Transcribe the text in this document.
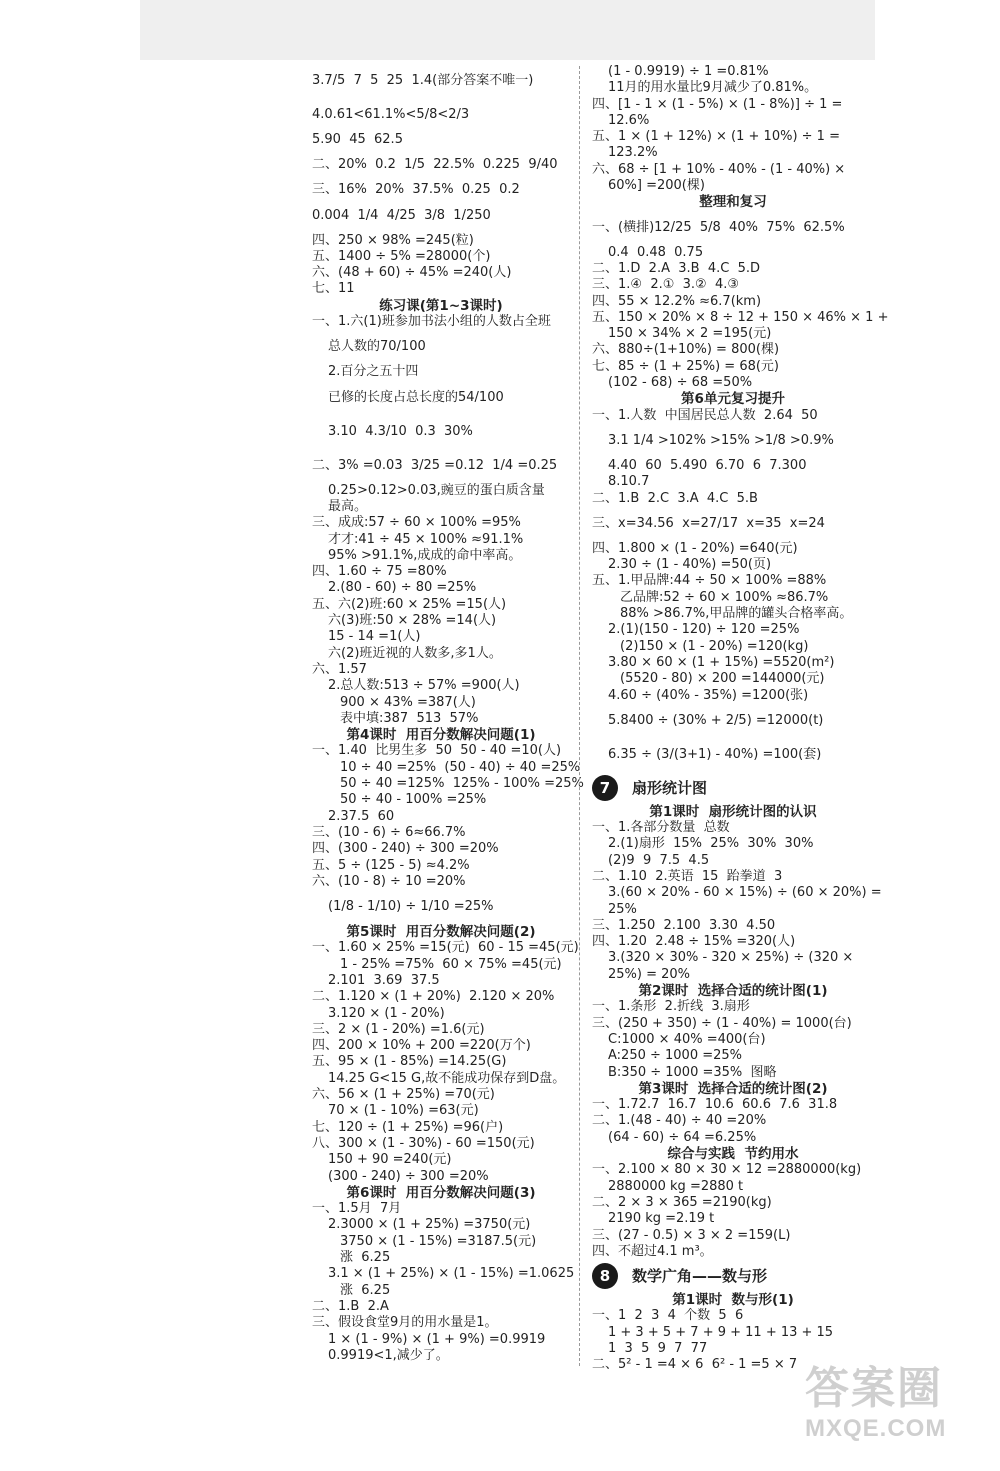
3.7/5  7  5  25  1.4(部分答案不唯一)
4.0.61<61.1%<5/8<2/3
5.90  45  62.5
二、20%  0.2  1/5  22.5%  0.225  9/40
三、16%  20%  37.5%  0.25  0.2
0.004  1/4  4/25  3/8  1/250
四、250 × 98% =245(粒)
五、1400 ÷ 5% =28000(个)
六、(48 + 60) ÷ 45% =240(人)
七、11
练习课(第1~3课时)
一、1.六(1)班参加书法小组的人数占全班
总人数的70/100
2.百分之五十四
已修的长度占总长度的54/100
3.10  4.3/10  0.3  30%
二、3% =0.03  3/25 =0.12  1/4 =0.25
0.25>0.12>0.03,豌豆的蛋白质含量
最高。
三、成成:57 ÷ 60 × 100% =95%
才才:41 ÷ 45 × 100% ≈91.1%
95% >91.1%,成成的命中率高。
四、1.60 ÷ 75 =80%
2.(80 - 60) ÷ 80 =25%
五、六(2)班:60 × 25% =15(人)
六(3)班:50 × 28% =14(人)
15 - 14 =1(人)
六(2)班近视的人数多,多1人。
六、1.57
2.总人数:513 ÷ 57% =900(人)
900 × 43% =387(人)
表中填:387  513  57%
第4课时  用百分数解决问题(1)
一、1.40  比男生多  50  50 - 40 =10(人)
10 ÷ 40 =25%  (50 - 40) ÷ 40 =25%
50 ÷ 40 =125%  125% - 100% =25%
50 ÷ 40 - 100% =25%
2.37.5  60
三、(10 - 6) ÷ 6≈66.7%
四、(300 - 240) ÷ 300 =20%
五、5 ÷ (125 - 5) ≈4.2%
六、(10 - 8) ÷ 10 =20%
(1/8 - 1/10) ÷ 1/10 =25%
第5课时  用百分数解决问题(2)
一、1.60 × 25% =15(元)  60 - 15 =45(元)
1 - 25% =75%  60 × 75% =45(元)
2.101  3.69  37.5
二、1.120 × (1 + 20%)  2.120 × 20%
3.120 × (1 - 20%)
三、2 × (1 - 20%) =1.6(元)
四、200 × 10% + 200 =220(万个)
五、95 × (1 - 85%) =14.25(G)
14.25 G<15 G,故不能成功保存到D盘。
六、56 × (1 + 25%) =70(元)
70 × (1 - 10%) =63(元)
七、120 ÷ (1 + 25%) =96(户)
八、300 × (1 - 30%) - 60 =150(元)
150 + 90 =240(元)
(300 - 240) ÷ 300 =20%
第6课时  用百分数解决问题(3)
一、1.5月  7月
2.3000 × (1 + 25%) =3750(元)
3750 × (1 - 15%) =3187.5(元)
涨  6.25
3.1 × (1 + 25%) × (1 - 15%) =1.0625
涨  6.25
二、1.B  2.A
三、假设食堂9月的用水量是1。
1 × (1 - 9%) × (1 + 9%) =0.9919
0.9919<1,减少了。
(1 - 0.9919) ÷ 1 =0.81%
11月的用水量比9月减少了0.81%。
四、[1 - 1 × (1 - 5%) × (1 - 8%)] ÷ 1 =
12.6%
五、1 × (1 + 12%) × (1 + 10%) ÷ 1 =
123.2%
六、68 ÷ [1 + 10% - 40% - (1 - 40%) ×
60%] =200(棵)
整理和复习
一、(横排)12/25  5/8  40%  75%  62.5%
0.4  0.48  0.75
二、1.D  2.A  3.B  4.C  5.D
三、1.④  2.①  3.②  4.③
四、55 × 12.2% ≈6.7(km)
五、150 × 20% × 8 ÷ 12 + 150 × 46% × 1 +
150 × 34% × 2 =195(元)
六、880÷(1+10%) = 800(棵)
七、85 ÷ (1 + 25%) = 68(元)
(102 - 68) ÷ 68 =50%
第6单元复习提升
一、1.人数  中国居民总人数  2.64  50
3.1 1/4 >102% >15% >1/8 >0.9%
4.40  60  5.490  6.70  6  7.300
8.10.7
二、1.B  2.C  3.A  4.C  5.B
三、x=34.56  x=27/17  x=35  x=24
四、1.800 × (1 - 20%) =640(元)
2.30 ÷ (1 - 40%) =50(页)
五、1.甲品牌:44 ÷ 50 × 100% =88%
乙品牌:52 ÷ 60 × 100% ≈86.7%
88% >86.7%,甲品牌的罐头合格率高。
2.(1)(150 - 120) ÷ 120 =25%
(2)150 × (1 - 20%) =120(kg)
3.80 × 60 × (1 + 15%) =5520(m²)
(5520 - 80) × 200 =144000(元)
4.60 ÷ (40% - 35%) =1200(张)
5.8400 ÷ (30% + 2/5) =12000(t)
6.35 ÷ (3/(3+1) - 40%) =100(套)
7	扇形统计图
第1课时  扇形统计图的认识
一、1.各部分数量  总数
2.(1)扇形  15%  25%  30%  30%
(2)9  9  7.5  4.5
二、1.10  2.英语  15  跆拳道  3
3.(60 × 20% - 60 × 15%) ÷ (60 × 20%) =
25%
三、1.250  2.100  3.30  4.50
四、1.20  2.48 ÷ 15% =320(人)
3.(320 × 30% - 320 × 25%) ÷ (320 ×
25%) = 20%
第2课时  选择合适的统计图(1)
一、1.条形  2.折线  3.扇形
三、(250 + 350) ÷ (1 - 40%) = 1000(台)
C:1000 × 40% =400(台)
A:250 ÷ 1000 =25%
B:350 ÷ 1000 =35%  图略
第3课时  选择合适的统计图(2)
一、1.72.7  16.7  10.6  60.6  7.6  31.8
二、1.(48 - 40) ÷ 40 =20%
(64 - 60) ÷ 64 =6.25%
综合与实践  节约用水
一、2.100 × 80 × 30 × 12 =2880000(kg)
2880000 kg =2880 t
二、2 × 3 × 365 =2190(kg)
2190 kg =2.19 t
三、(27 - 0.5) × 3 × 2 =159(L)
四、不超过4.1 m³。
8	数学广角——数与形
第1课时  数与形(1)
一、1  2  3  4  个数  5  6
1 + 3 + 5 + 7 + 9 + 11 + 13 + 15
1  3  5  9  7  77
二、5² - 1 =4 × 6  6² - 1 =5 × 7 答案圈
MXQE.COM
